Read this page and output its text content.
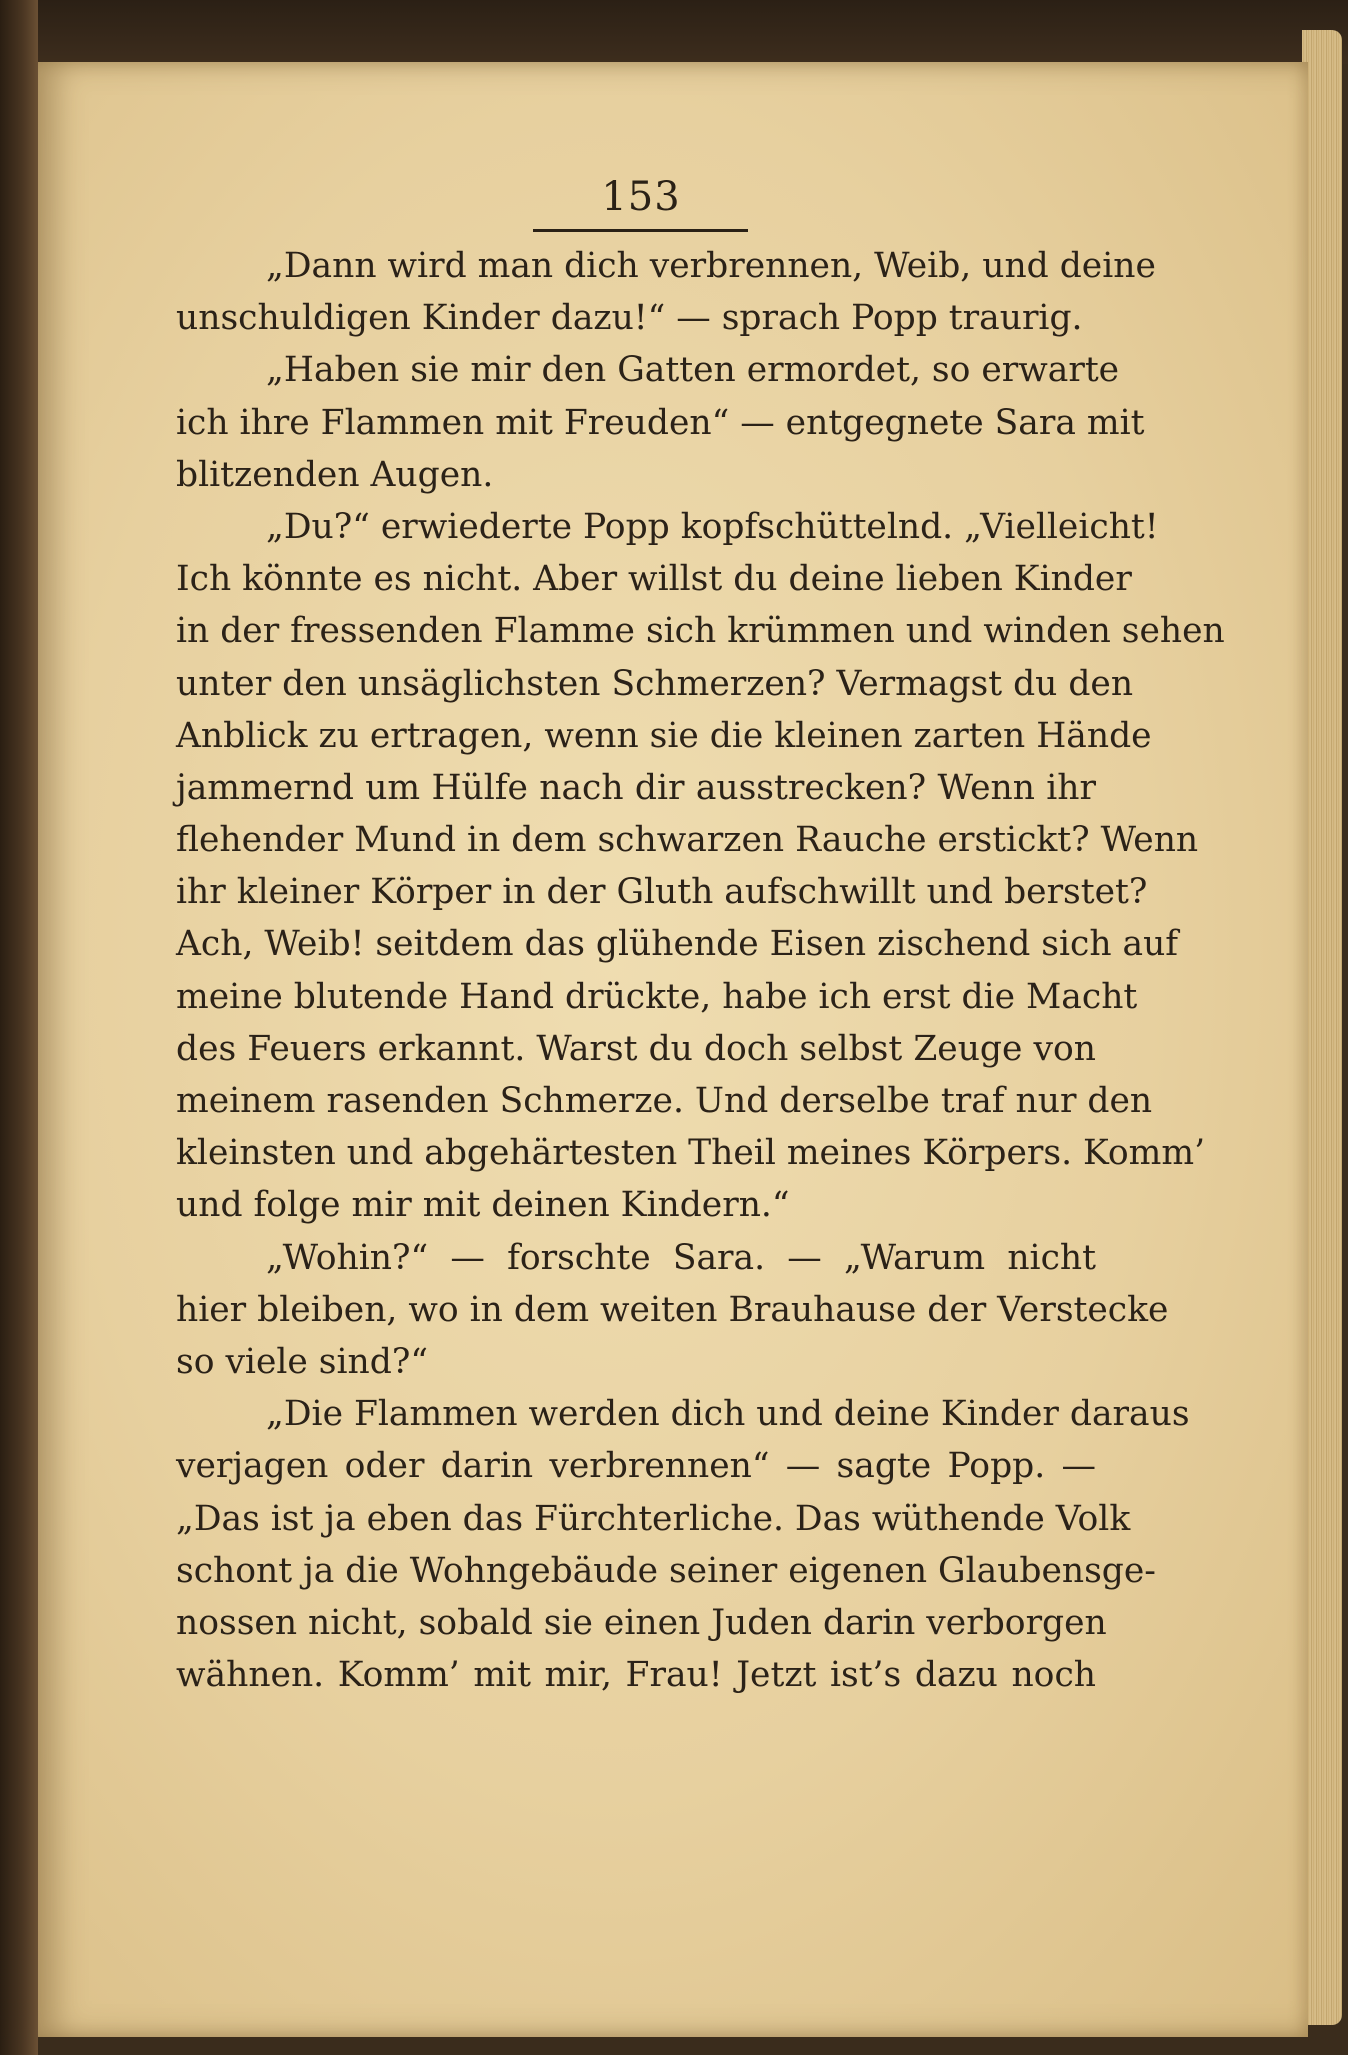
153
„Dann wird man dich verbrennen, Weib, und deine
unschuldigen Kinder dazu!“ — sprach Popp traurig.
„Haben sie mir den Gatten ermordet, so erwarte
ich ihre Flammen mit Freuden“ — entgegnete Sara mit
blitzenden Augen.
„Du?“ erwiederte Popp kopfschüttelnd. „Vielleicht!
Ich könnte es nicht. Aber willst du deine lieben Kinder
in der fressenden Flamme sich krümmen und winden sehen
unter den unsäglichsten Schmerzen? Vermagst du den
Anblick zu ertragen, wenn sie die kleinen zarten Hände
jammernd um Hülfe nach dir ausstrecken? Wenn ihr
flehender Mund in dem schwarzen Rauche erstickt? Wenn
ihr kleiner Körper in der Gluth aufschwillt und berstet?
Ach, Weib! seitdem das glühende Eisen zischend sich auf
meine blutende Hand drückte, habe ich erst die Macht
des Feuers erkannt. Warst du doch selbst Zeuge von
meinem rasenden Schmerze. Und derselbe traf nur den
kleinsten und abgehärtesten Theil meines Körpers. Komm’
und folge mir mit deinen Kindern.“
„Wohin?“ — forschte Sara. — „Warum nicht
hier bleiben, wo in dem weiten Brauhause der Verstecke
so viele sind?“
„Die Flammen werden dich und deine Kinder daraus
verjagen oder darin verbrennen“ — sagte Popp. —
„Das ist ja eben das Fürchterliche. Das wüthende Volk
schont ja die Wohngebäude seiner eigenen Glaubensge-
nossen nicht, sobald sie einen Juden darin verborgen
wähnen. Komm’ mit mir, Frau! Jetzt ist’s dazu noch
